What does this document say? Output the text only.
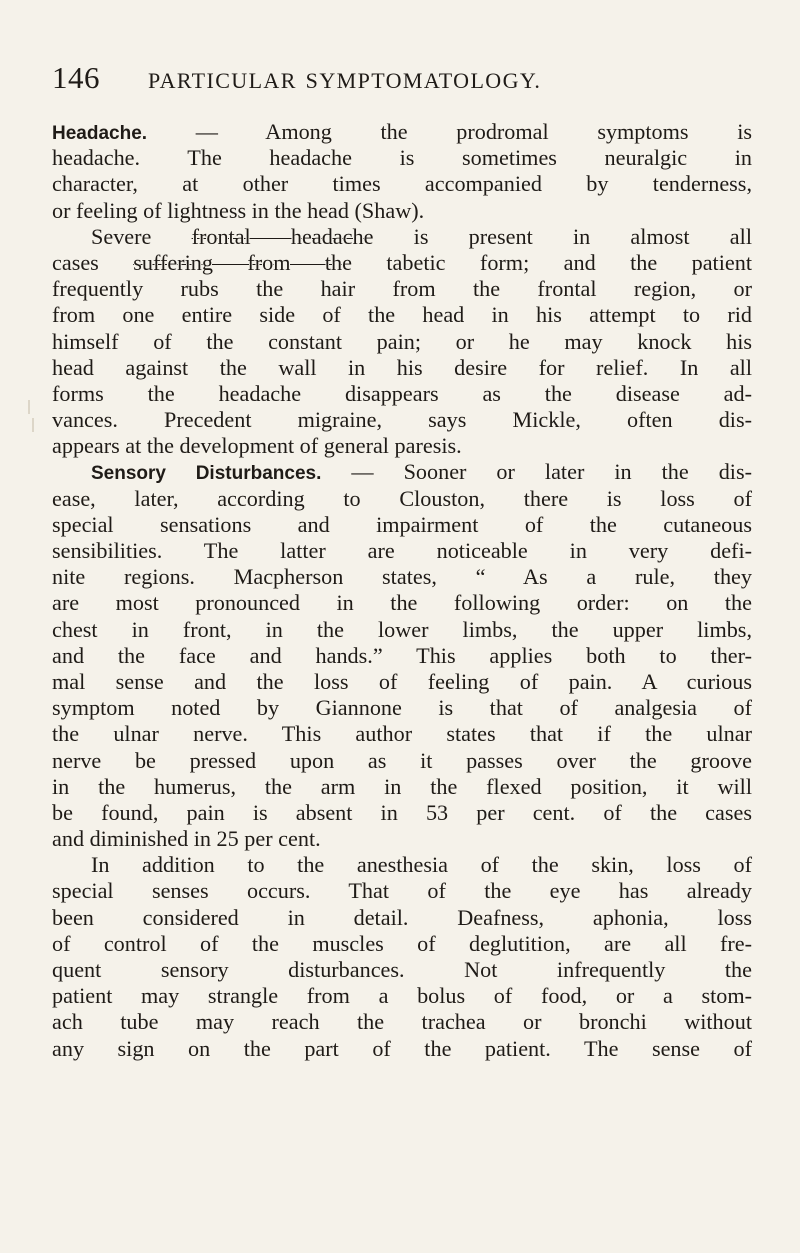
146 PARTICULAR SYMPTOMATOLOGY.
Headache. — Among the prodromal symptoms is
headache. The headache is sometimes neuralgic in
character, at other times accompanied by tenderness,
or feeling of lightness in the head (Shaw).
Severe frontal headache is present in almost all
cases suffering from the tabetic form; and the patient
frequently rubs the hair from the frontal region, or
from one entire side of the head in his attempt to rid
himself of the constant pain; or he may knock his
head against the wall in his desire for relief. In all
forms the headache disappears as the disease ad-
vances. Precedent migraine, says Mickle, often dis-
appears at the development of general paresis.
Sensory Disturbances. — Sooner or later in the dis-
ease, later, according to Clouston, there is loss of
special sensations and impairment of the cutaneous
sensibilities. The latter are noticeable in very defi-
nite regions. Macpherson states, “ As a rule, they
are most pronounced in the following order: on the
chest in front, in the lower limbs, the upper limbs,
and the face and hands.” This applies both to ther-
mal sense and the loss of feeling of pain. A curious
symptom noted by Giannone is that of analgesia of
the ulnar nerve. This author states that if the ulnar
nerve be pressed upon as it passes over the groove
in the humerus, the arm in the flexed position, it will
be found, pain is absent in 53 per cent. of the cases
and diminished in 25 per cent.
In addition to the anesthesia of the skin, loss of
special senses occurs. That of the eye has already
been considered in detail. Deafness, aphonia, loss
of control of the muscles of deglutition, are all fre-
quent sensory disturbances. Not infrequently the
patient may strangle from a bolus of food, or a stom-
ach tube may reach the trachea or bronchi without
any sign on the part of the patient. The sense of
ǀ
ǀ
